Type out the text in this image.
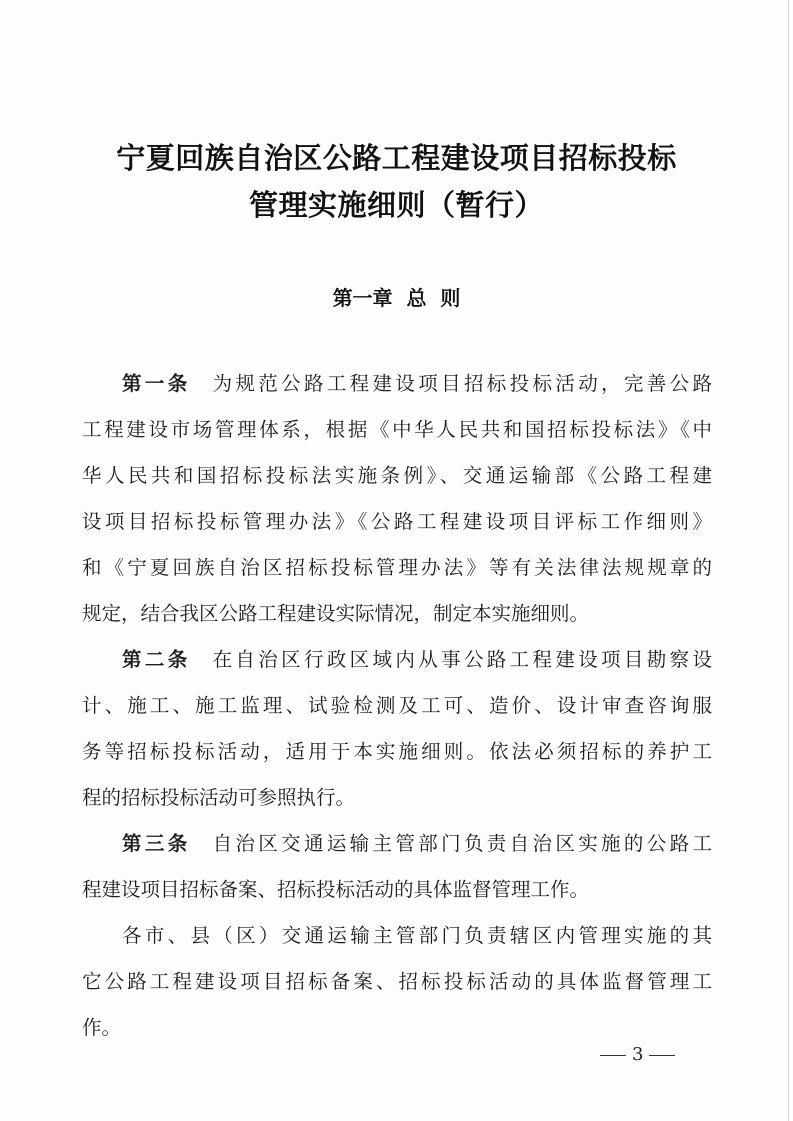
宁夏回族自治区公路工程建设项目招标投标
管理实施细则（暂行）
第一章  总  则
第一条 为规范公路工程建设项目招标投标活动，完善公路
工程建设市场管理体系，根据《中华人民共和国招标投标法》《中
华人民共和国招标投标法实施条例》、交通运输部《公路工程建
设项目招标投标管理办法》《公路工程建设项目评标工作细则》
和《宁夏回族自治区招标投标管理办法》等有关法律法规规章的
规定，结合我区公路工程建设实际情况，制定本实施细则。
第二条 在自治区行政区域内从事公路工程建设项目勘察设
计、施工、施工监理、试验检测及工可、造价、设计审查咨询服
务等招标投标活动，适用于本实施细则。依法必须招标的养护工
程的招标投标活动可参照执行。
第三条 自治区交通运输主管部门负责自治区实施的公路工
程建设项目招标备案、招标投标活动的具体监督管理工作。
各市、县（区）交通运输主管部门负责辖区内管理实施的其
它公路工程建设项目招标备案、招标投标活动的具体监督管理工
作。
3
